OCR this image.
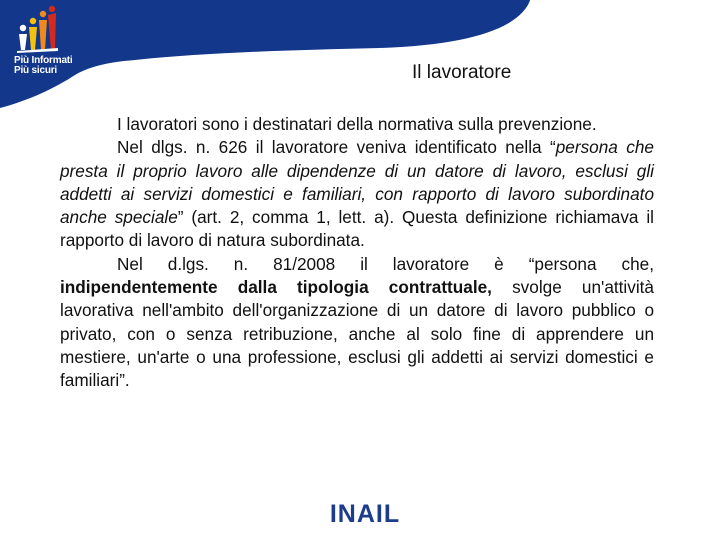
Più Informati
Più sicuri	Il lavoratore

I lavoratori sono i destinatari della normativa sulla prevenzione.

Nel dlgs. n. 626 il lavoratore veniva identificato nella “persona che presta il proprio lavoro alle dipendenze di un datore di lavoro, esclusi gli addetti ai servizi domestici e familiari, con rapporto di lavoro subordinato anche speciale” (art. 2, comma 1, lett. a). Questa definizione richiamava il rapporto di lavoro di natura subordinata.

Nel d.lgs. n. 81/2008 il lavoratore è “persona che, indipendentemente dalla tipologia contrattuale, svolge un'attività lavorativa nell'ambito dell'organizzazione di un datore di lavoro pubblico o privato, con o senza retribuzione, anche al solo fine di apprendere un mestiere, un'arte o una professione, esclusi gli addetti ai servizi domestici e familiari”.

INAIL
